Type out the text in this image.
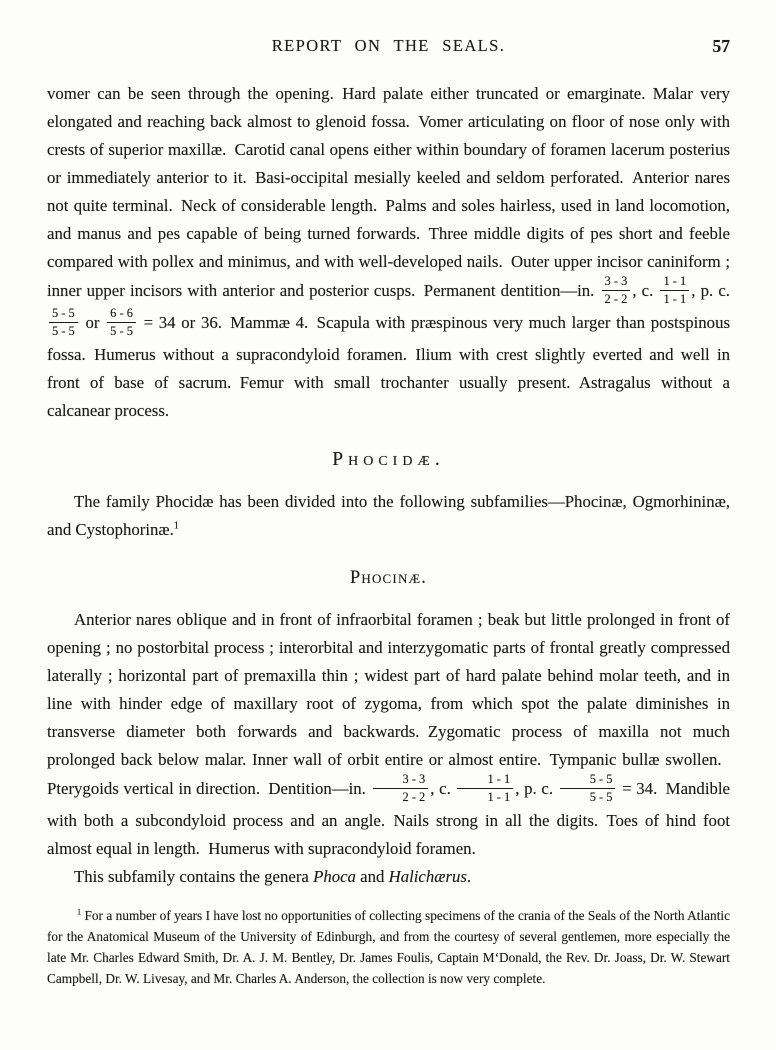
REPORT ON THE SEALS.	57

vomer can be seen through the opening. Hard palate either truncated or emarginate. Malar very elongated and reaching back almost to glenoid fossa. Vomer articulating on floor of nose only with crests of superior maxillæ. Carotid canal opens either within boundary of foramen lacerum posterius or immediately anterior to it. Basi-occipital mesially keeled and seldom perforated. Anterior nares not quite terminal. Neck of considerable length. Palms and soles hairless, used in land locomotion, and manus and pes capable of being turned forwards. Three middle digits of pes short and feeble compared with pollex and minimus, and with well-developed nails. Outer upper incisor caniniform ; inner upper incisors with anterior and posterior cusps. Permanent dentition—in. $\frac{3 - 3}{2 - 2}$ , c. $\frac{1 - 1}{1 - 1}$ , p. c.
$\frac{5 - 5}{5 - 5}$ or $\frac{6 - 6}{5 - 5} = 34$ or 36. Mammæ 4. Scapula with præspinous very much larger than postspinous fossa. Humerus without a supracondyloid foramen. Ilium with crest slightly everted and well in front of base of sacrum. Femur with small trochanter usually present. Astragalus without a calcanear process.

Phocidæ.

The family Phocidæ has been divided into the following subfamilies—Phocinæ, Ogmorhininæ, and Cystophorinæ.$^1$

Phocinæ.

Anterior nares oblique and in front of infraorbital foramen ; beak but little prolonged in front of opening ; no postorbital process ; interorbital and interzygomatic parts of frontal greatly compressed laterally ; horizontal part of premaxilla thin ; widest part of hard palate behind molar teeth, and in line with hinder edge of maxillary root of zygoma, from which spot the palate diminishes in transverse diameter both forwards and backwards. Zygomatic process of maxilla not much prolonged back below malar. Inner wall of orbit entire or almost entire. Tympanic bullæ swollen. Pterygoids vertical in direction. Dentition—in. $\frac{3 - 3}{2 - 2}$ , c. $\frac{1 - 1}{1 - 1}$ , p. c. $\frac{5 - 5}{5 - 5} = 34$. Mandible with both a subcondyloid process and an angle. Nails strong in all the digits. Toes of hind foot almost equal in length. Humerus with supracondyloid foramen.

This subfamily contains the genera Phoca and Halichærus.

$^1$ For a number of years I have lost no opportunities of collecting specimens of the crania of the Seals of the North Atlantic for the Anatomical Museum of the University of Edinburgh, and from the courtesy of several gentlemen, more especially the late Mr. Charles Edward Smith, Dr. A. J. M. Bentley, Dr. James Foulis, Captain M‘Donald, the Rev. Dr. Joass, Dr. W. Stewart Campbell, Dr. W. Livesay, and Mr. Charles A. Anderson, the collection is now very complete.
